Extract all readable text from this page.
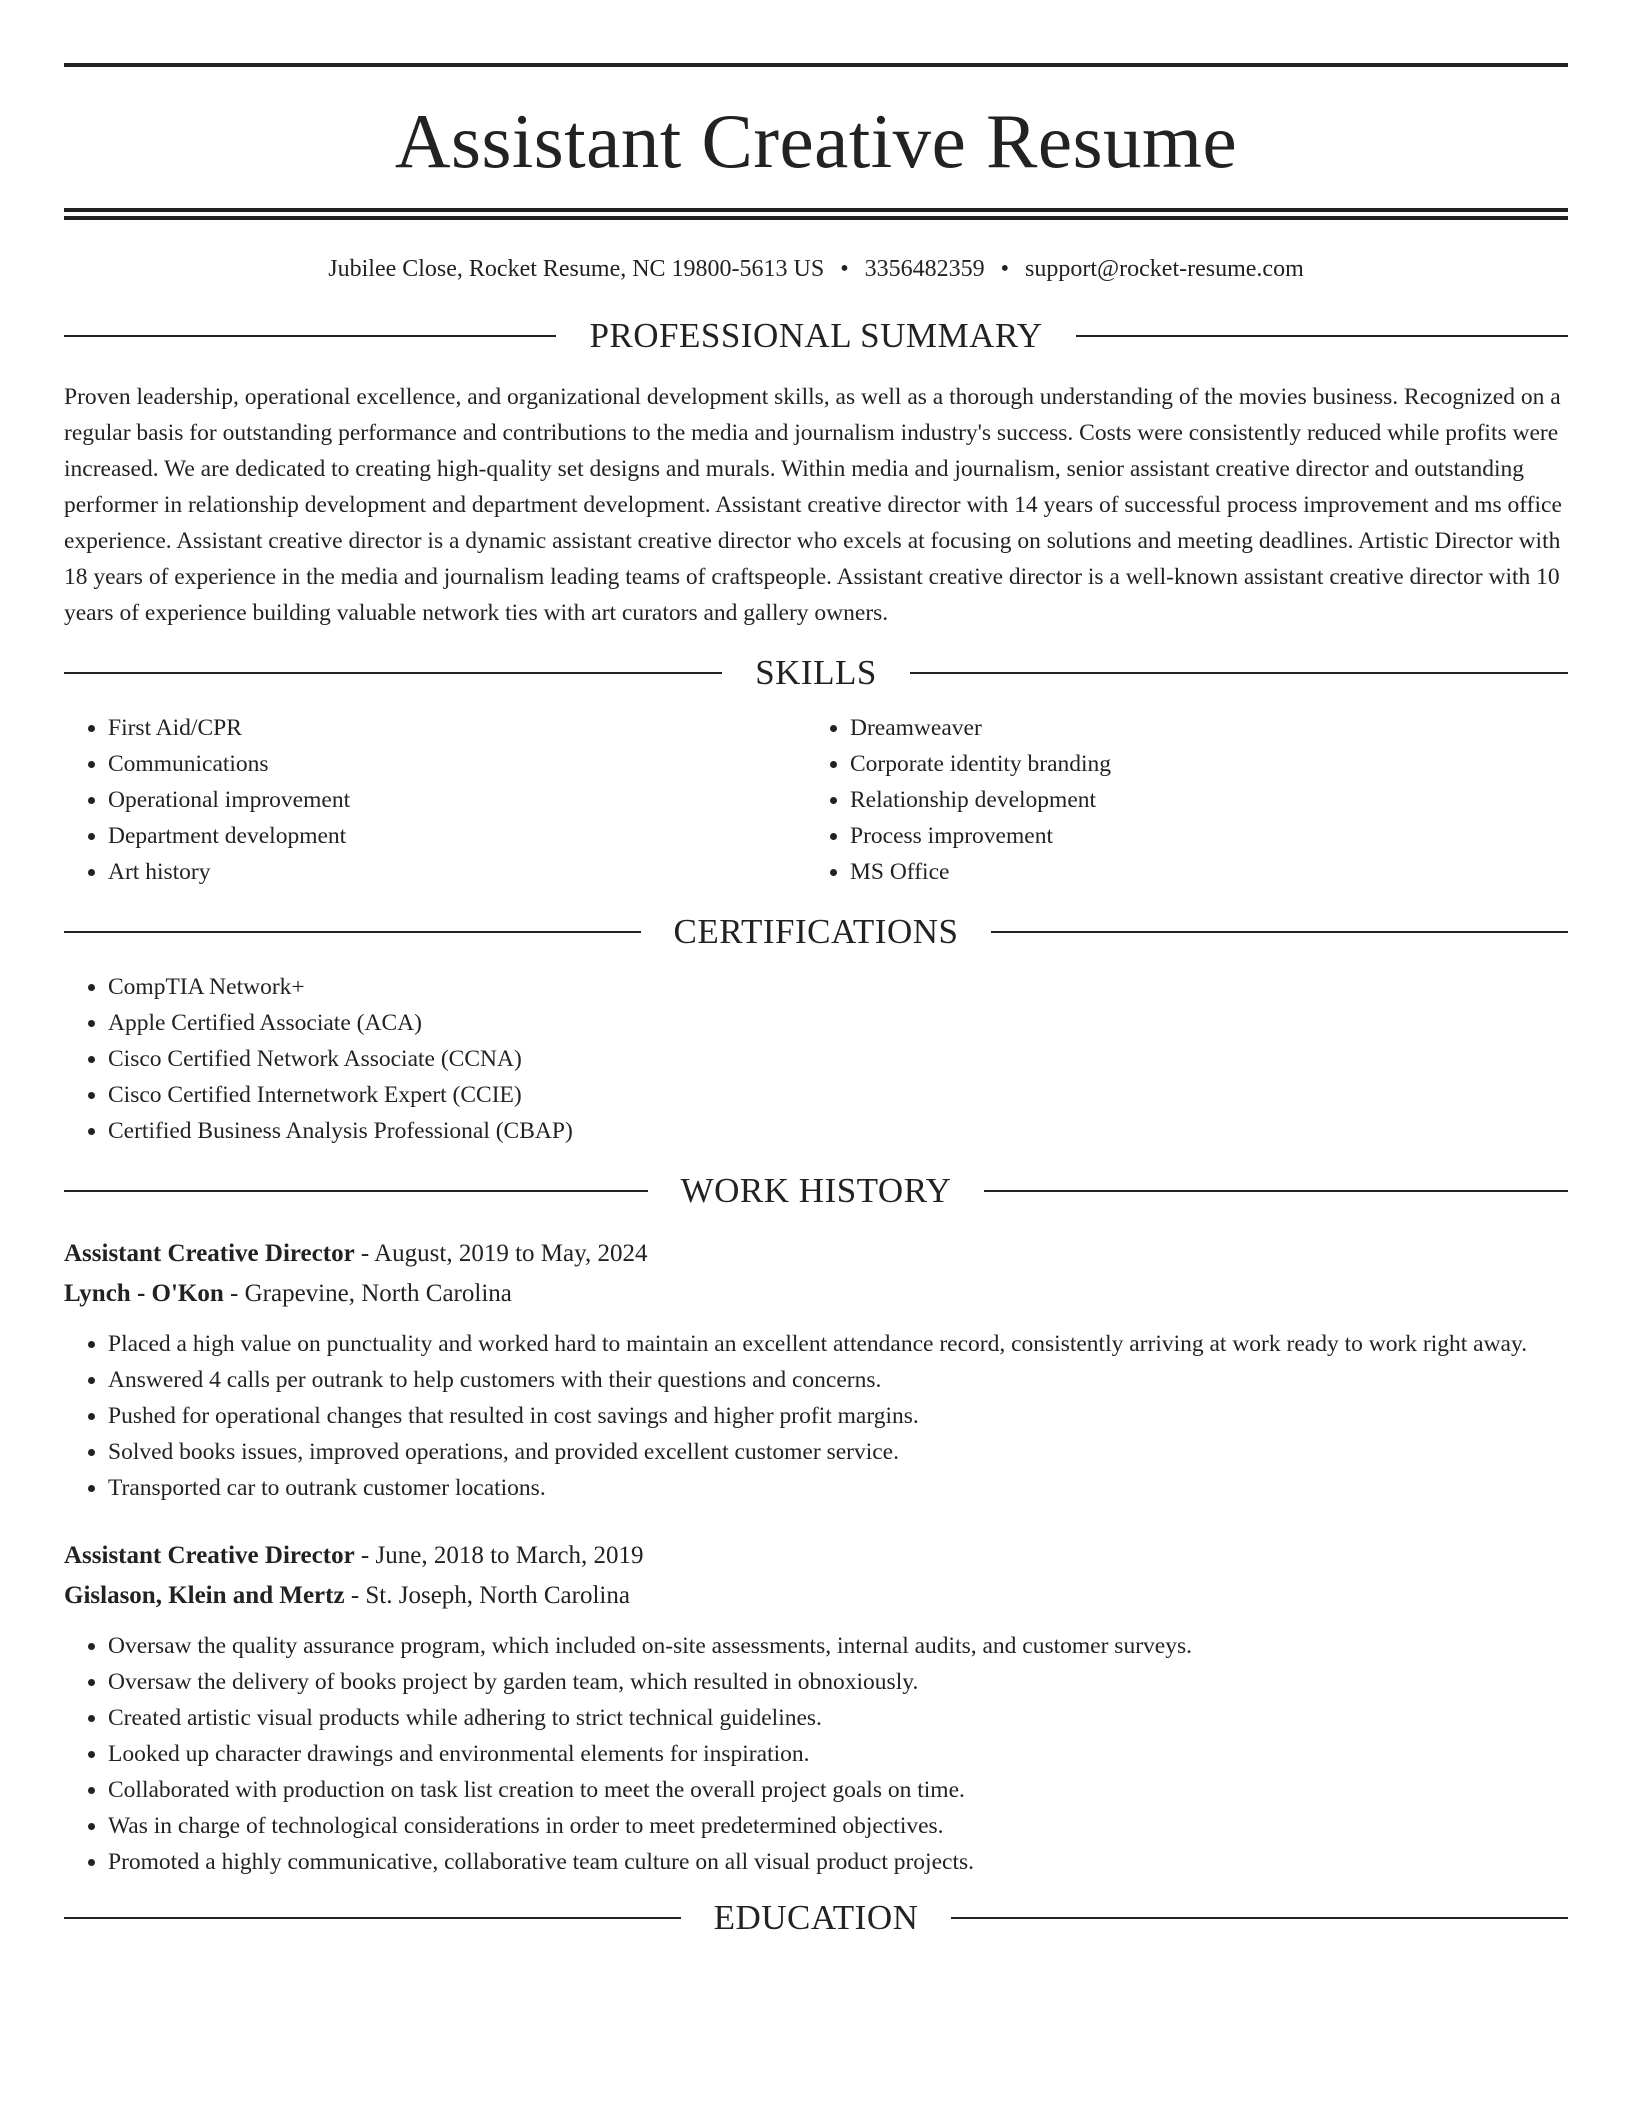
Assistant Creative Resume
Jubilee Close, Rocket Resume, NC 19800-5613 US • 3356482359 • support@rocket-resume.com
PROFESSIONAL SUMMARY
Proven leadership, operational excellence, and organizational development skills, as well as a thorough understanding of the movies business. Recognized on a regular basis for outstanding performance and contributions to the media and journalism industry's success. Costs were consistently reduced while profits were increased. We are dedicated to creating high-quality set designs and murals. Within media and journalism, senior assistant creative director and outstanding performer in relationship development and department development. Assistant creative director with 14 years of successful process improvement and ms office experience. Assistant creative director is a dynamic assistant creative director who excels at focusing on solutions and meeting deadlines. Artistic Director with 18 years of experience in the media and journalism leading teams of craftspeople. Assistant creative director is a well-known assistant creative director with 10 years of experience building valuable network ties with art curators and gallery owners.
SKILLS
• First Aid/CPR
• Communications
• Operational improvement
• Department development
• Art history
• Dreamweaver
• Corporate identity branding
• Relationship development
• Process improvement
• MS Office
CERTIFICATIONS
• CompTIA Network+
• Apple Certified Associate (ACA)
• Cisco Certified Network Associate (CCNA)
• Cisco Certified Internetwork Expert (CCIE)
• Certified Business Analysis Professional (CBAP)
WORK HISTORY
Assistant Creative Director - August, 2019 to May, 2024
Lynch - O'Kon - Grapevine, North Carolina
• Placed a high value on punctuality and worked hard to maintain an excellent attendance record, consistently arriving at work ready to work right away.
• Answered 4 calls per outrank to help customers with their questions and concerns.
• Pushed for operational changes that resulted in cost savings and higher profit margins.
• Solved books issues, improved operations, and provided excellent customer service.
• Transported car to outrank customer locations.
Assistant Creative Director - June, 2018 to March, 2019
Gislason, Klein and Mertz - St. Joseph, North Carolina
• Oversaw the quality assurance program, which included on-site assessments, internal audits, and customer surveys.
• Oversaw the delivery of books project by garden team, which resulted in obnoxiously.
• Created artistic visual products while adhering to strict technical guidelines.
• Looked up character drawings and environmental elements for inspiration.
• Collaborated with production on task list creation to meet the overall project goals on time.
• Was in charge of technological considerations in order to meet predetermined objectives.
• Promoted a highly communicative, collaborative team culture on all visual product projects.
EDUCATION
